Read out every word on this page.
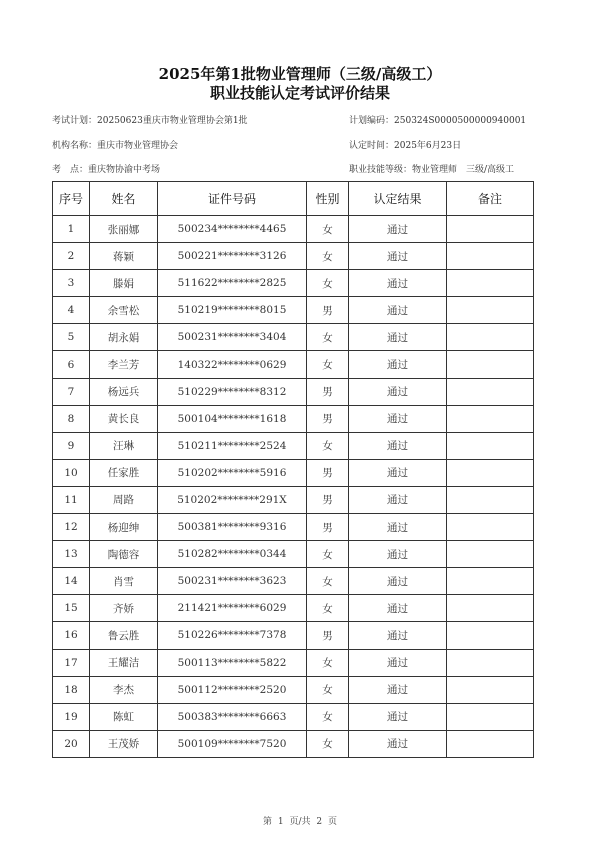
2025年第1批物业管理师（三级/高级工）
职业技能认定考试评价结果
考试计划：20250623重庆市物业管理协会第1批	计划编码：250324S0000500000940001
机构名称：重庆市物业管理协会	认定时间：2025年6月23日
考　点：重庆物协渝中考场	职业技能等级：物业管理师　三级/高级工
序号	姓名	证件号码	性别	认定结果	备注
1	张丽娜	500234********4465	女	通过	
2	蒋颖	500221********3126	女	通过	
3	滕娟	511622********2825	女	通过	
4	余雪松	510219********8015	男	通过	
5	胡永娟	500231********3404	女	通过	
6	李兰芳	140322********0629	女	通过	
7	杨远兵	510229********8312	男	通过	
8	黄长良	500104********1618	男	通过	
9	汪琳	510211********2524	女	通过	
10	任家胜	510202********5916	男	通过	
11	周路	510202********291X	男	通过	
12	杨迎绅	500381********9316	男	通过	
13	陶德容	510282********0344	女	通过	
14	肖雪	500231********3623	女	通过	
15	齐娇	211421********6029	女	通过	
16	鲁云胜	510226********7378	男	通过	
17	王耀洁	500113********5822	女	通过	
18	李杰	500112********2520	女	通过	
19	陈虹	500383********6663	女	通过	
20	王茂娇	500109********7520	女	通过	
第 1 页/共 2 页
